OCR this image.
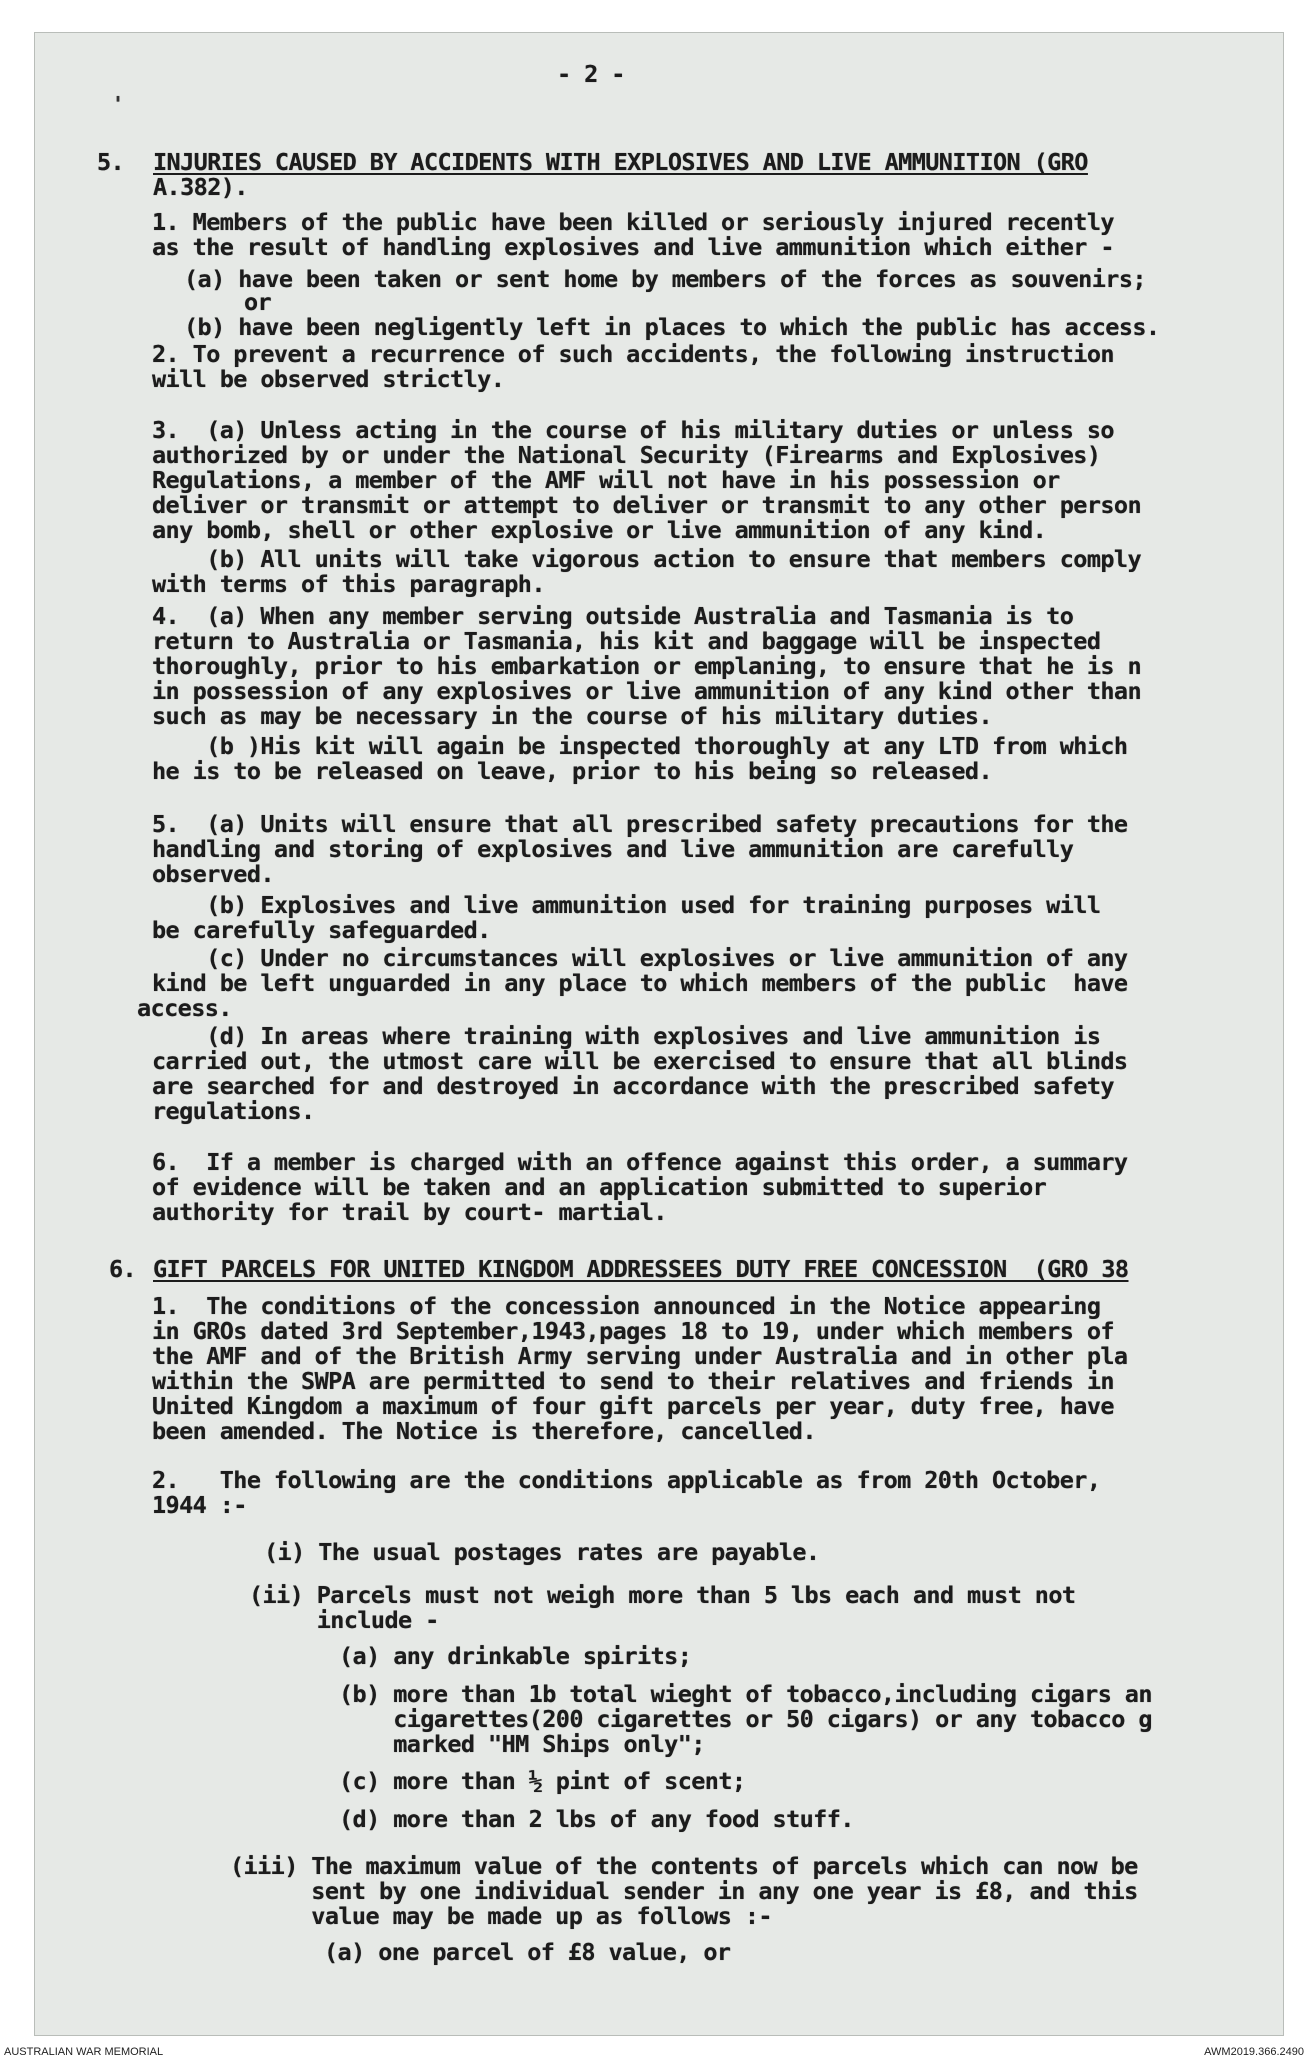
- 2 -

'

5.

INJURIES CAUSED BY ACCIDENTS WITH EXPLOSIVES AND LIVE AMMUNITION (GRO

A.382).

1. Members of the public have been killed or seriously injured recently

as the result of handling explosives and live ammunition which either -

(a) have been taken or sent home by members of the forces as souvenirs;

or

(b) have been negligently left in places to which the public has access.

2. To prevent a recurrence of such accidents, the following instruction

will be observed strictly.

3.  (a) Unless acting in the course of his military duties or unless so

authorized by or under the National Security (Firearms and Explosives)

Regulations, a member of the AMF will not have in his possession or

deliver or transmit or attempt to deliver or transmit to any other person

any bomb, shell or other explosive or live ammunition of any kind.

(b) All units will take vigorous action to ensure that members comply

with terms of this paragraph.

4.  (a) When any member serving outside Australia and Tasmania is to

return to Australia or Tasmania, his kit and baggage will be inspected

thoroughly, prior to his embarkation or emplaning, to ensure that he is n

in possession of any explosives or live ammunition of any kind other than

such as may be necessary in the course of his military duties.

(b )His kit will again be inspected thoroughly at any LTD from which

he is to be released on leave, prior to his being so released.

5.  (a) Units will ensure that all prescribed safety precautions for the

handling and storing of explosives and live ammunition are carefully

observed.

(b) Explosives and live ammunition used for training purposes will

be carefully safeguarded.

(c) Under no circumstances will explosives or live ammunition of any

kind be left unguarded in any place to which members of the public  have

access.

(d) In areas where training with explosives and live ammunition is

carried out, the utmost care will be exercised to ensure that all blinds

are searched for and destroyed in accordance with the prescribed safety

regulations.

6.  If a member is charged with an offence against this order, a summary

of evidence will be taken and an application submitted to superior

authority for trail by court- martial.

6.

GIFT PARCELS FOR UNITED KINGDOM ADDRESSEES DUTY FREE CONCESSION  (GRO 38

1.  The conditions of the concession announced in the Notice appearing

in GROs dated 3rd September,1943,pages 18 to 19, under which members of

the AMF and of the British Army serving under Australia and in other pla

within the SWPA are permitted to send to their relatives and friends in

United Kingdom a maximum of four gift parcels per year, duty free, have

been amended. The Notice is therefore, cancelled.

2.   The following are the conditions applicable as from 20th October,

1944 :-

(i) The usual postages rates are payable.

(ii) Parcels must not weigh more than 5 lbs each and must not

include -

(a) any drinkable spirits;

(b) more than 1b total wieght of tobacco,including cigars an

cigarettes(200 cigarettes or 50 cigars) or any tobacco g

marked "HM Ships only";

(c) more than ½ pint of scent;

(d) more than 2 lbs of any food stuff.

(iii) The maximum value of the contents of parcels which can now be

sent by one individual sender in any one year is £8, and this

value may be made up as follows :-

(a) one parcel of £8 value, or

AUSTRALIAN WAR MEMORIAL	AWM2019.366.2490
